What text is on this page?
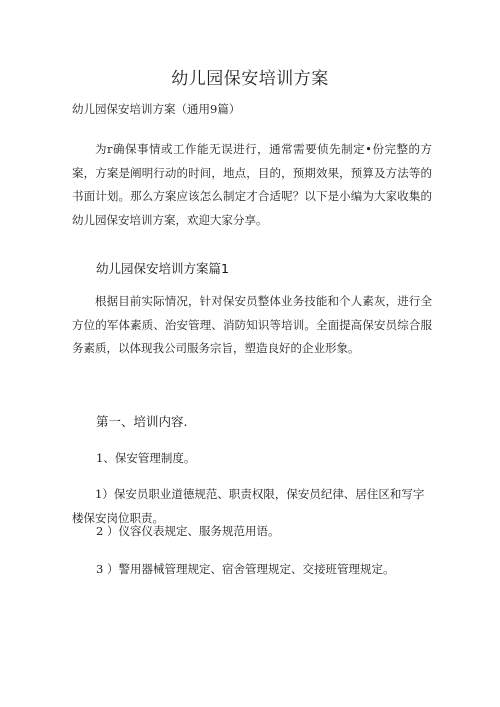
幼儿园保安培训方案
幼儿园保安培训方案（通用9篇）

为r确保事情或工作能无误进行，通常需要侦先制定•份完整的方案，方案是阐明行动的时间，地点，目的，预期效果，预算及方法等的书面计划。那么方案应该怎么制定才合适呢？以下是小编为大家收集的幼儿园保安培训方案，欢迎大家分享。

幼儿园保安培训方案篇1

根据目前实际情况，针对保安员整体业务技能和个人素灰，进行全方位的军体素质、治安管理、消防知识等培训。全面提高保安员综合服务素质，以体现我公司服务宗旨，塑造良好的企业形象。

第一、培训内容.
1、保安管理制度。

1）保安员职业道德规范、职责权限，保安员纪律、居住区和写字楼保安岗位职责。

2 ）仪容仪表规定、服务规范用语。
3 ）警用器械管理规定、宿舍管理规定、交接班管理规定。
